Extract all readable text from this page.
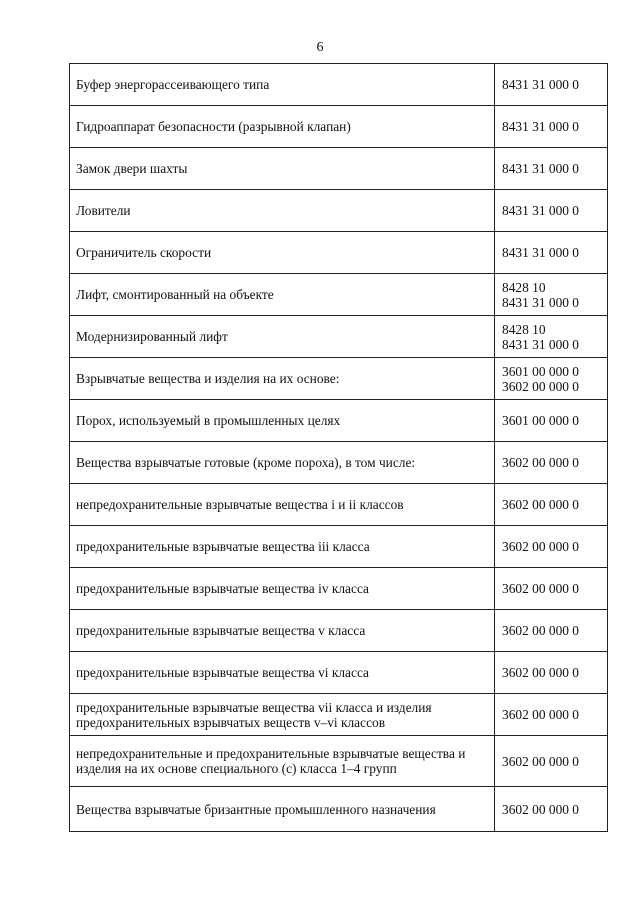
6
Буфер энергорассеивающего типа	8431 31 000 0

Гидроаппарат безопасности (разрывной клапан)	8431 31 000 0

Замок двери шахты	8431 31 000 0

Ловители	8431 31 000 0

Ограничитель скорости	8431 31 000 0

Лифт, смонтированный на объекте	8428 10
8431 31 000 0

Модернизированный лифт	8428 10
8431 31 000 0

Взрывчатые вещества и изделия на их основе:	3601 00 000 0
3602 00 000 0

Порох, используемый в промышленных целях	3601 00 000 0

Вещества взрывчатые готовые (кроме пороха), в том числе:	3602 00 000 0

непредохранительные взрывчатые вещества i и ii классов	3602 00 000 0

предохранительные взрывчатые вещества iii класса	3602 00 000 0

предохранительные взрывчатые вещества iv класса	3602 00 000 0

предохранительные взрывчатые вещества v класса	3602 00 000 0

предохранительные взрывчатые вещества vi класса	3602 00 000 0

предохранительные взрывчатые вещества vii класса и изделия предохранительных взрывчатых веществ v–vi классов	3602 00 000 0

непредохранительные и предохранительные взрывчатые вещества и изделия на их основе специального (с) класса 1–4 групп	3602 00 000 0

Вещества взрывчатые бризантные промышленного назначения	3602 00 000 0
